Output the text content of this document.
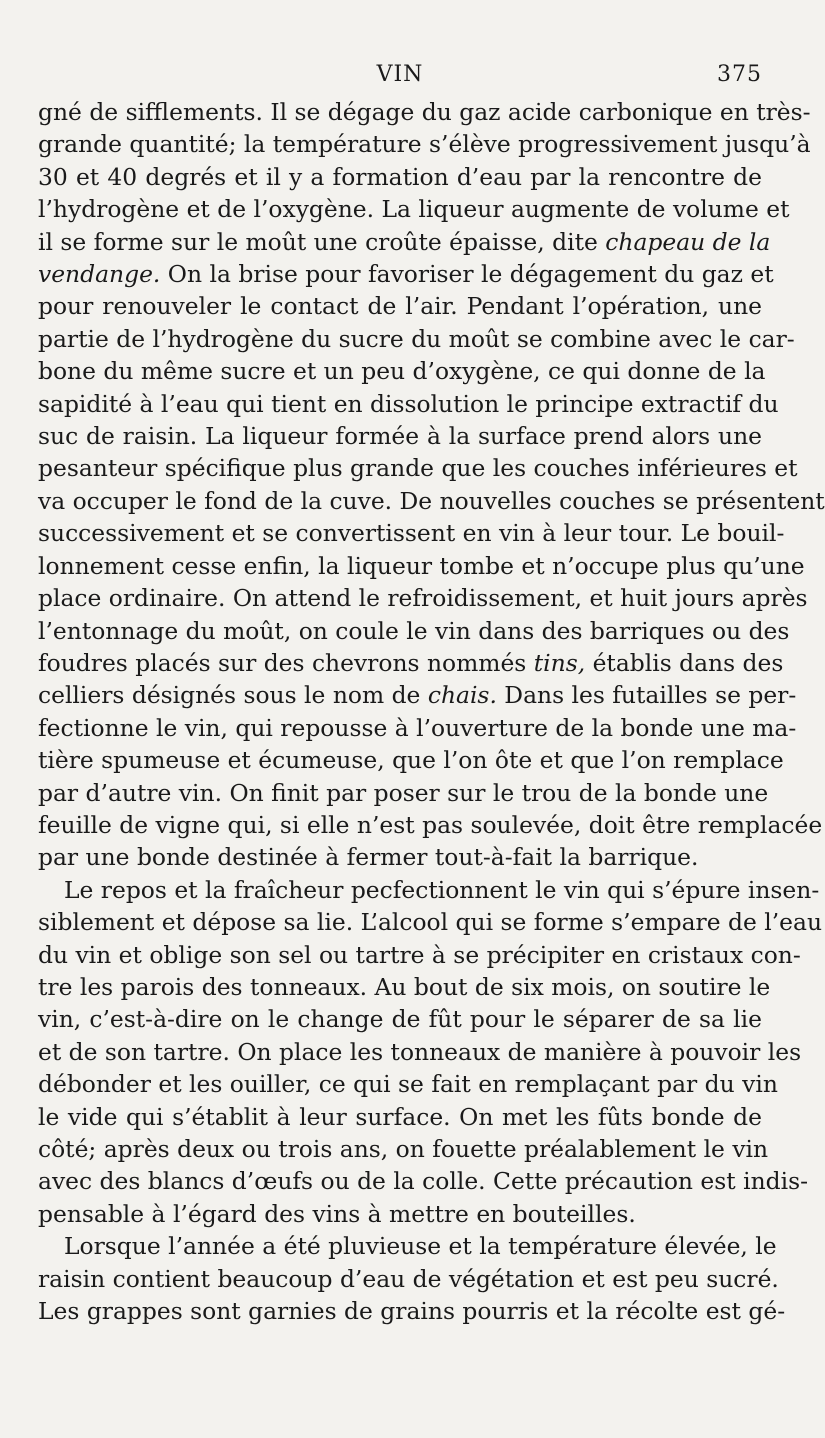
VIN	375
gné de sifflements. Il se dégage du gaz acide carbonique en très-
grande quantité; la température s’élève progressivement jusqu’à
30 et 40 degrés et il y a formation d’eau par la rencontre de
l’hydrogène et de l’oxygène. La liqueur augmente de volume et
il se forme sur le moût une croûte épaisse, dite chapeau de la
vendange. On la brise pour favoriser le dégagement du gaz et
pour renouveler le contact de l’air. Pendant l’opération, une
partie de l’hydrogène du sucre du moût se combine avec le car-
bone du même sucre et un peu d’oxygène, ce qui donne de la
sapidité à l’eau qui tient en dissolution le principe extractif du
suc de raisin. La liqueur formée à la surface prend alors une
pesanteur spécifique plus grande que les couches inférieures et
va occuper le fond de la cuve. De nouvelles couches se présentent
successivement et se convertissent en vin à leur tour. Le bouil-
lonnement cesse enfin, la liqueur tombe et n’occupe plus qu’une
place ordinaire. On attend le refroidissement, et huit jours après
l’entonnage du moût, on coule le vin dans des barriques ou des
foudres placés sur des chevrons nommés tins, établis dans des
celliers désignés sous le nom de chais. Dans les futailles se per-
fectionne le vin, qui repousse à l’ouverture de la bonde une ma-
tière spumeuse et écumeuse, que l’on ôte et que l’on remplace
par d’autre vin. On finit par poser sur le trou de la bonde une
feuille de vigne qui, si elle n’est pas soulevée, doit être remplacée
par une bonde destinée à fermer tout-à-fait la barrique.
Le repos et la fraîcheur pecfectionnent le vin qui s’épure insen-
siblement et dépose sa lie. L’alcool qui se forme s’empare de l’eau
du vin et oblige son sel ou tartre à se précipiter en cristaux con-
tre les parois des tonneaux. Au bout de six mois, on soutire le
vin, c’est-à-dire on le change de fût pour le séparer de sa lie
et de son tartre. On place les tonneaux de manière à pouvoir les
débonder et les ouiller, ce qui se fait en remplaçant par du vin
le vide qui s’établit à leur surface. On met les fûts bonde de
côté; après deux ou trois ans, on fouette préalablement le vin
avec des blancs d’œufs ou de la colle. Cette précaution est indis-
pensable à l’égard des vins à mettre en bouteilles.
Lorsque l’année a été pluvieuse et la température élevée, le
raisin contient beaucoup d’eau de végétation et est peu sucré.
Les grappes sont garnies de grains pourris et la récolte est gé-
